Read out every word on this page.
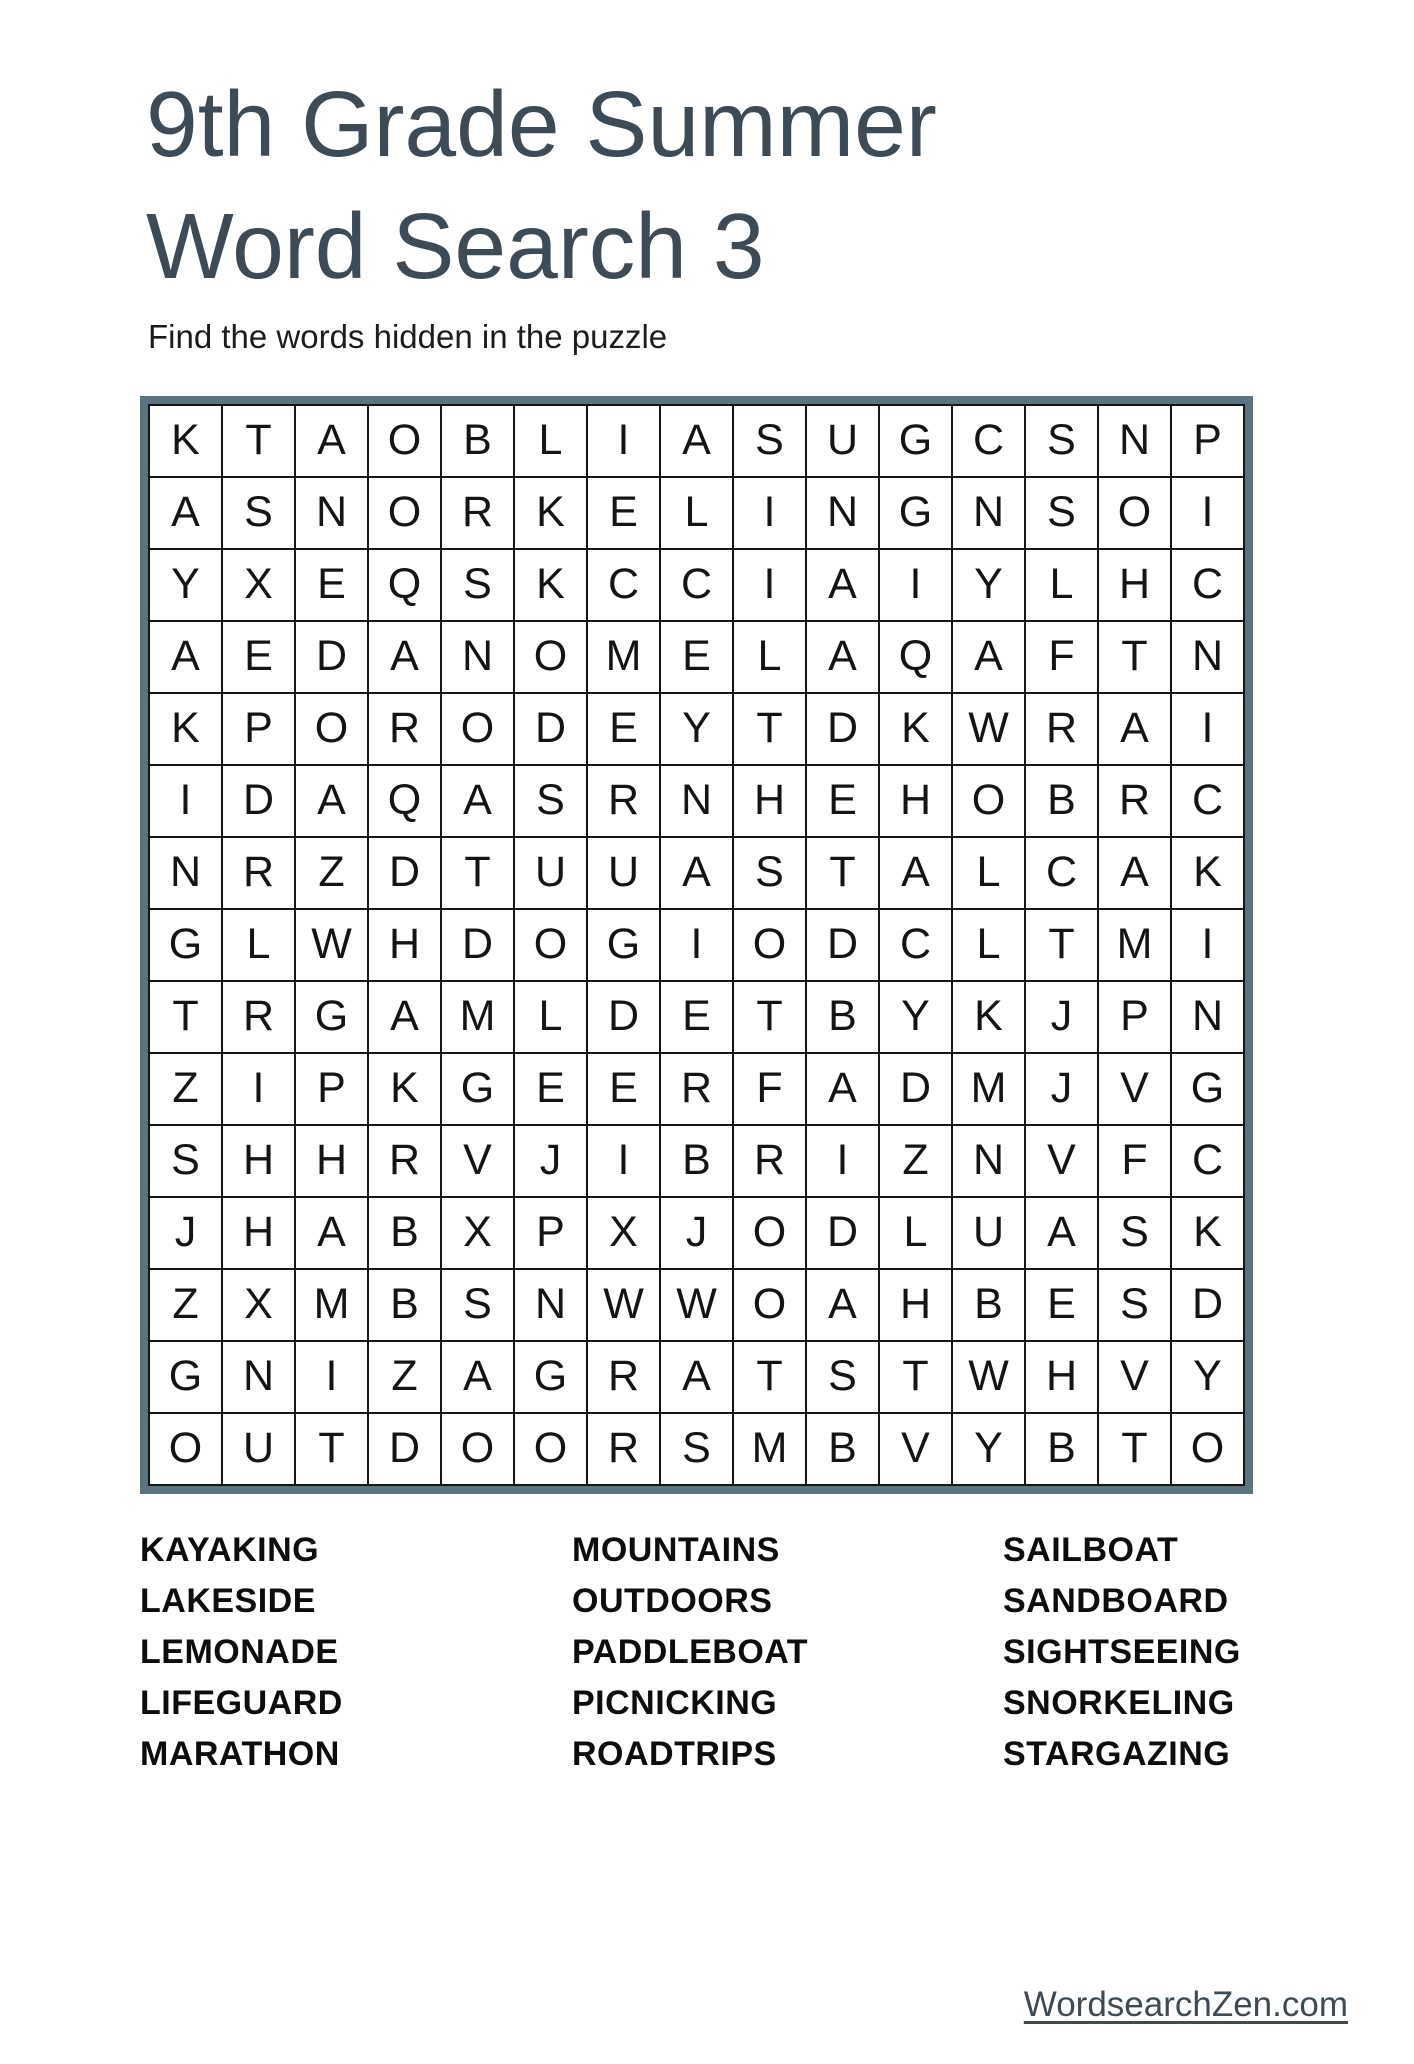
9th Grade Summer
Word Search 3
Find the words hidden in the puzzle
K	T	A	O	B	L	I	A	S	U	G	C	S	N	P
A	S	N	O	R	K	E	L	I	N	G	N	S	O	I
Y	X	E	Q	S	K	C	C	I	A	I	Y	L	H	C
A	E	D	A	N	O	M	E	L	A	Q	A	F	T	N
K	P	O	R	O	D	E	Y	T	D	K	W	R	A	I
I	D	A	Q	A	S	R	N	H	E	H	O	B	R	C
N	R	Z	D	T	U	U	A	S	T	A	L	C	A	K
G	L	W	H	D	O	G	I	O	D	C	L	T	M	I
T	R	G	A	M	L	D	E	T	B	Y	K	J	P	N
Z	I	P	K	G	E	E	R	F	A	D	M	J	V	G
S	H	H	R	V	J	I	B	R	I	Z	N	V	F	C
J	H	A	B	X	P	X	J	O	D	L	U	A	S	K
Z	X	M	B	S	N	W	W	O	A	H	B	E	S	D
G	N	I	Z	A	G	R	A	T	S	T	W	H	V	Y
O	U	T	D	O	O	R	S	M	B	V	Y	B	T	O
KAYAKING
LAKESIDE
LEMONADE
LIFEGUARD
MARATHON
MOUNTAINS
OUTDOORS
PADDLEBOAT
PICNICKING
ROADTRIPS
SAILBOAT
SANDBOARD
SIGHTSEEING
SNORKELING
STARGAZING
WordsearchZen.com
